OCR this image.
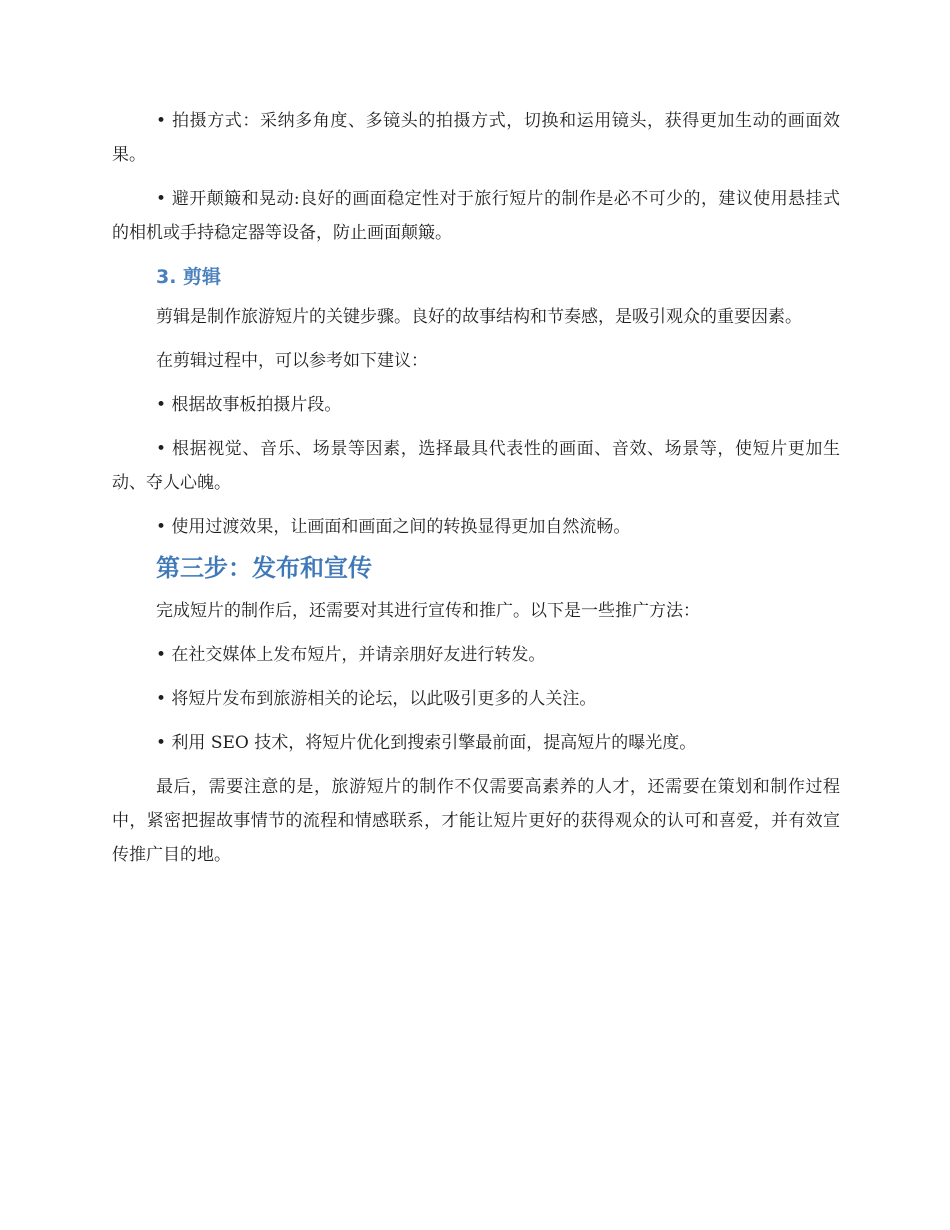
• 拍摄方式：采纳多角度、多镜头的拍摄方式，切换和运用镜头，获得更加生动的画面效果。

• 避开颠簸和晃动:良好的画面稳定性对于旅行短片的制作是必不可少的，建议使用悬挂式的相机或手持稳定器等设备，防止画面颠簸。

3. 剪辑

剪辑是制作旅游短片的关键步骤。良好的故事结构和节奏感，是吸引观众的重要因素。

在剪辑过程中，可以参考如下建议：

• 根据故事板拍摄片段。

• 根据视觉、音乐、场景等因素，选择最具代表性的画面、音效、场景等，使短片更加生动、夺人心魄。

• 使用过渡效果，让画面和画面之间的转换显得更加自然流畅。

第三步：发布和宣传

完成短片的制作后，还需要对其进行宣传和推广。以下是一些推广方法：

• 在社交媒体上发布短片，并请亲朋好友进行转发。

• 将短片发布到旅游相关的论坛，以此吸引更多的人关注。

• 利用 SEO 技术，将短片优化到搜索引擎最前面，提高短片的曝光度。

最后，需要注意的是，旅游短片的制作不仅需要高素养的人才，还需要在策划和制作过程中，紧密把握故事情节的流程和情感联系，才能让短片更好的获得观众的认可和喜爱，并有效宣传推广目的地。
